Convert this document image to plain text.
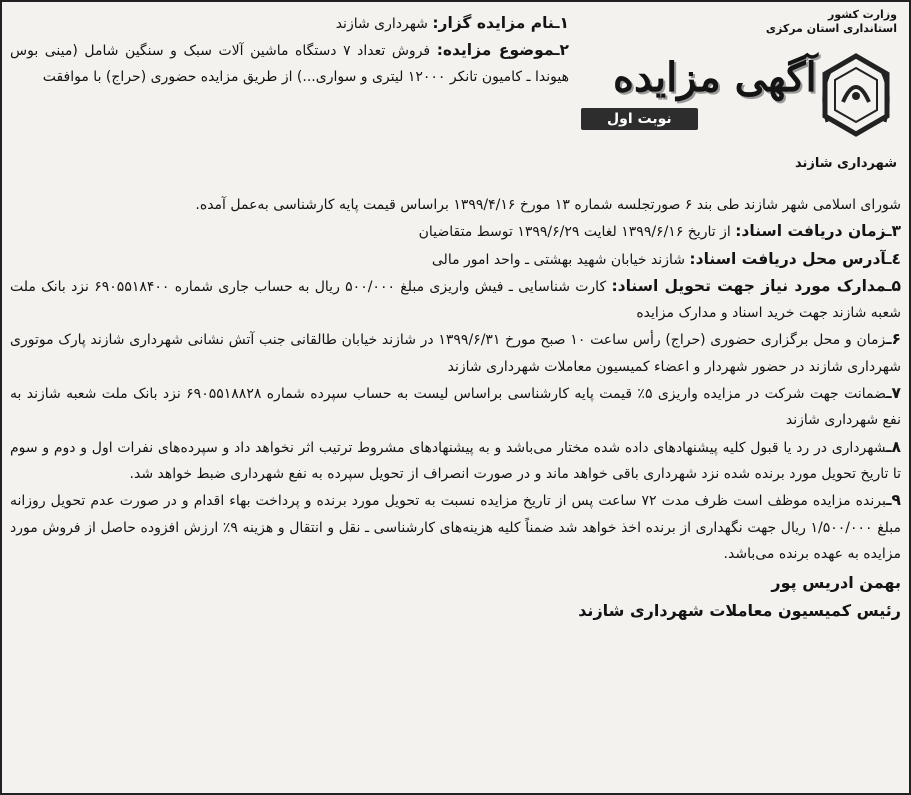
وزارت کشور
استانداری استان مرکزی
شهرداری شازند
آگهی مزایده
نوبت اول

۱ـنام مزایده گزار: شهرداری شازند

۲ـموضوع مزایده: فروش تعداد ۷ دستگاه ماشین آلات سبک و سنگین شامل (مینی بوس هیوندا ـ کامیون تانکر ۱۲۰۰۰ لیتری و سواری...) از طریق مزایده حضوری (حراج) با موافقت

شورای اسلامی شهر شازند طی بند ۶ صورتجلسه شماره ۱۳ مورخ ۱۳۹۹/۴/۱۶ براساس قیمت پایه کارشناسی به‌عمل آمده.

۳ـزمان دریافت اسناد: از تاریخ ۱۳۹۹/۶/۱۶ لغایت ۱۳۹۹/۶/۲۹ توسط متقاضیان

٤ـآدرس محل دریافت اسناد: شازند خیابان شهید بهشتی ـ واحد امور مالی

۵ـمدارک مورد نیاز جهت تحویل اسناد: کارت شناسایی ـ فیش واریزی مبلغ ۵۰۰/۰۰۰ ریال به حساب جاری شماره ۶۹۰۵۵۱۸۴۰۰ نزد بانک ملت شعبه شازند جهت خرید اسناد و مدارک مزایده

۶ـزمان و محل برگزاری حضوری (حراج) رأس ساعت ۱۰ صبح مورخ ۱۳۹۹/۶/۳۱ در شازند خیابان طالقانی جنب آتش نشانی شهرداری شازند پارک موتوری شهرداری شازند در حضور شهردار و اعضاء کمیسیون معاملات شهرداری شازند

۷ـضمانت جهت شرکت در مزایده واریزی ۵٪ قیمت پایه کارشناسی براساس لیست به حساب سپرده شماره ۶۹۰۵۵۱۸۸۲۸ نزد بانک ملت شعبه شازند به نفع شهرداری شازند

۸ـشهرداری در رد یا قبول کلیه پیشنهادهای داده شده مختار می‌باشد و به پیشنهادهای مشروط ترتیب اثر نخواهد داد و سپرده‌های نفرات اول و دوم و سوم تا تاریخ تحویل مورد برنده شده نزد شهرداری باقی خواهد ماند و در صورت انصراف از تحویل سپرده به نفع شهرداری ضبط خواهد شد.

۹ـبرنده مزایده موظف است ظرف مدت ۷۲ ساعت پس از تاریخ مزایده نسبت به تحویل مورد برنده و پرداخت بهاء اقدام و در صورت عدم تحویل روزانه مبلغ ۱/۵۰۰/۰۰۰ ریال جهت نگهداری از برنده اخذ خواهد شد ضمناً کلیه هزینه‌های کارشناسی ـ نقل و انتقال و هزینه ۹٪ ارزش افزوده حاصل از فروش مورد مزایده به عهده برنده می‌باشد.

بهمن ادریس پور
رئیس کمیسیون معاملات شهرداری شازند
